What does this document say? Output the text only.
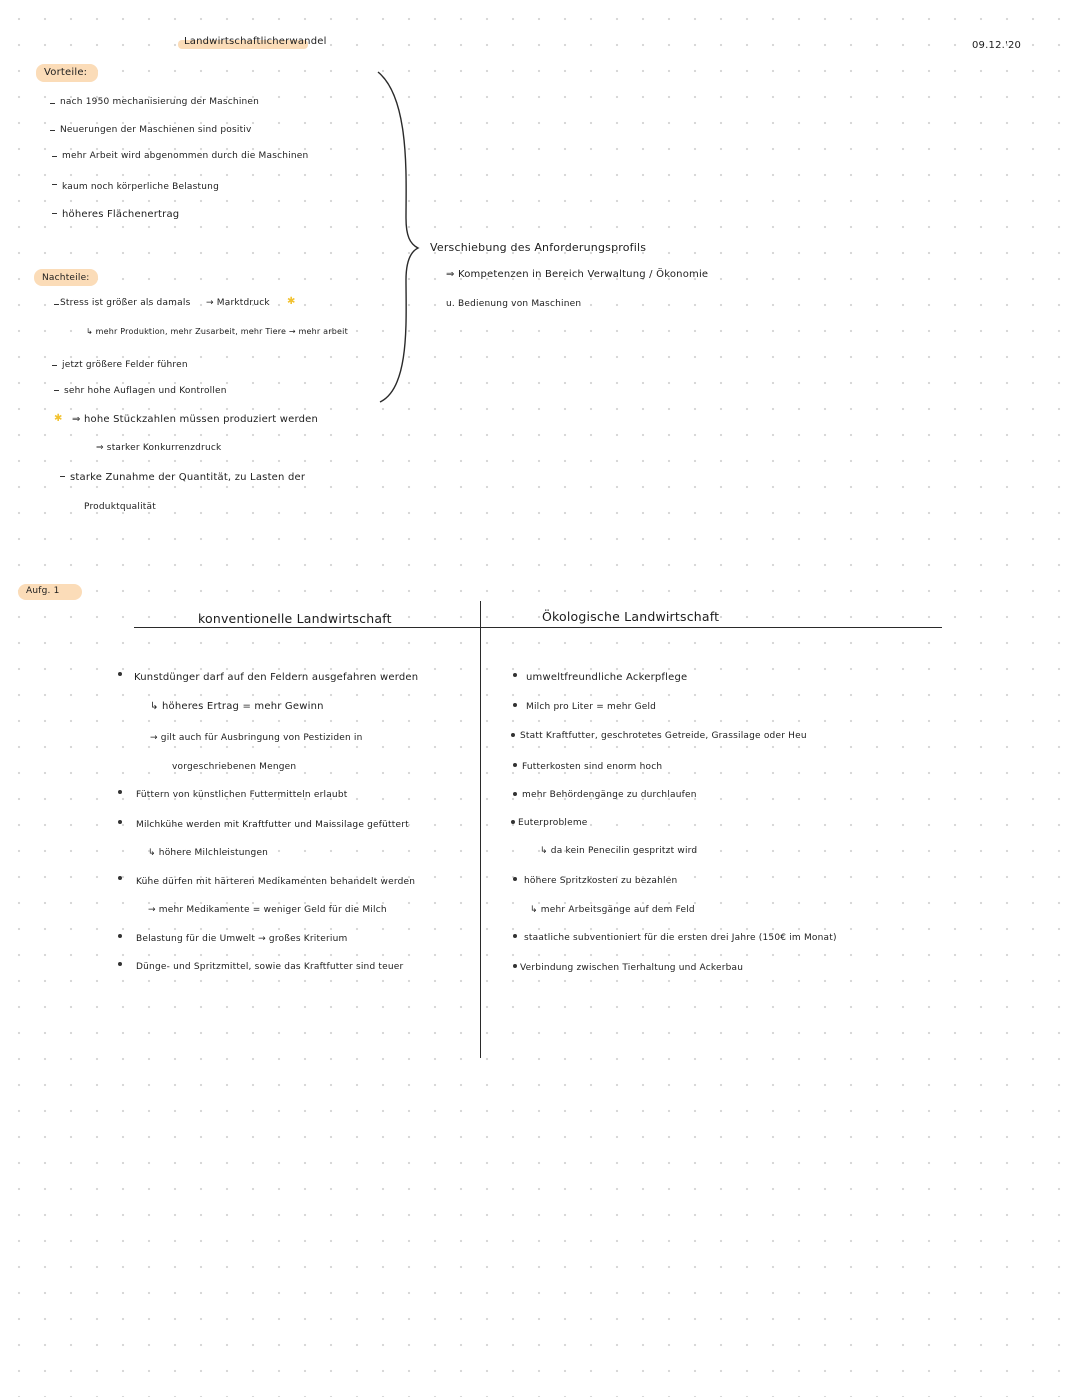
Landwirtschaftlicherwandel	09.12.'20
Vorteile:
nach 1950 mechanisierung der Maschinen
Neuerungen der Maschienen sind positiv
mehr Arbeit wird abgenommen durch die Maschinen
kaum noch körperliche Belastung
höheres Flächenertrag
Nachteile:
Stress ist größer als damals → Marktdruck ✱
↳ mehr Produktion, mehr Zusarbeit, mehr Tiere → mehr arbeit
jetzt größere Felder führen
sehr hohe Auflagen und Kontrollen
✱ ⇒ hohe Stückzahlen müssen produziert werden
⇒ starker Konkurrenzdruck
starke Zunahme der Quantität, zu Lasten der
Produktqualität
Verschiebung des Anforderungsprofils
⇒ Kompetenzen in Bereich Verwaltung / Ökonomie
u. Bedienung von Maschinen
Aufg. 1
konventionelle Landwirtschaft	Ökologische Landwirtschaft
Kunstdünger darf auf den Feldern ausgefahren werden
↳ höheres Ertrag = mehr Gewinn
→ gilt auch für Ausbringung von Pestiziden in
vorgeschriebenen Mengen
Füttern von künstlichen Futtermitteln erlaubt
Milchkühe werden mit Kraftfutter und Maissilage gefüttert
↳ höhere Milchleistungen
Kühe dürfen mit härteren Medikamenten behandelt werden
→ mehr Medikamente = weniger Geld für die Milch
Belastung für die Umwelt → großes Kriterium
Dünge- und Spritzmittel, sowie das Kraftfutter sind teuer
umweltfreundliche Ackerpflege
Milch pro Liter = mehr Geld
Statt Kraftfutter, geschrotetes Getreide, Grassilage oder Heu
Futterkosten sind enorm hoch
mehr Behördengänge zu durchlaufen
Euterprobleme
↳ da kein Penecilin gespritzt wird
höhere Spritzkosten zu bezahlen
↳ mehr Arbeitsgänge auf dem Feld
staatliche subventioniert für die ersten drei Jahre (150€ im Monat)
Verbindung zwischen Tierhaltung und Ackerbau
